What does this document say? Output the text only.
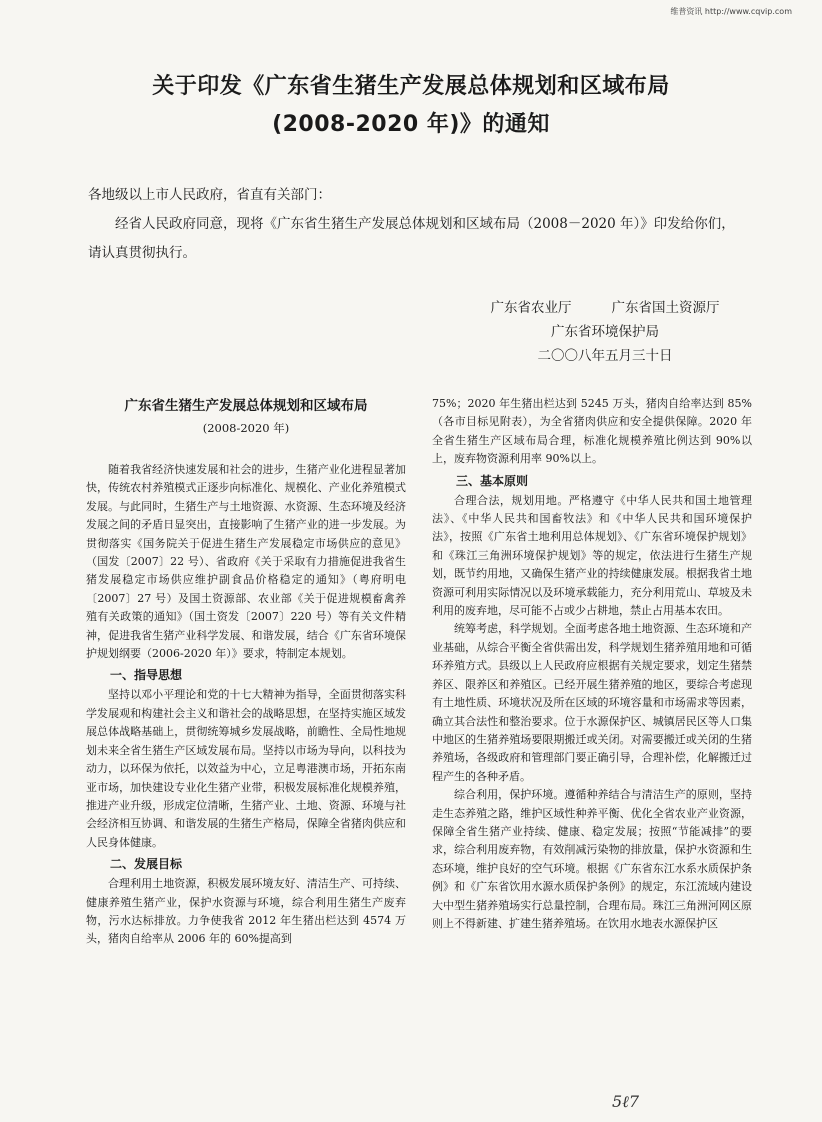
维普资讯 http://www.cqvip.com
关于印发《广东省生猪生产发展总体规划和区域布局
(2008-2020 年)》的通知

各地级以上市人民政府，省直有关部门：

经省人民政府同意，现将《广东省生猪生产发展总体规划和区域布局（2008－2020 年）》印发给你们，请认真贯彻执行。

广东省农业厅	广东省国土资源厅
广东省环境保护局
二〇〇八年五月三十日
广东省生猪生产发展总体规划和区域布局
(2008-2020 年)

随着我省经济快速发展和社会的进步，生猪产业化进程显著加快，传统农村养殖模式正逐步向标准化、规模化、产业化养殖模式发展。与此同时，生猪生产与土地资源、水资源、生态环境及经济发展之间的矛盾日显突出，直接影响了生猪产业的进一步发展。为贯彻落实《国务院关于促进生猪生产发展稳定市场供应的意见》（国发〔2007〕22 号）、省政府《关于采取有力措施促进我省生猪发展稳定市场供应维护副食品价格稳定的通知》（粤府明电〔2007〕27 号）及国土资源部、农业部《关于促进规模畜禽养殖有关政策的通知》（国土资发〔2007〕220 号）等有关文件精神，促进我省生猪产业科学发展、和谐发展，结合《广东省环境保护规划纲要（2006-2020 年）》要求，特制定本规划。

一、指导思想

坚持以邓小平理论和党的十七大精神为指导，全面贯彻落实科学发展观和构建社会主义和谐社会的战略思想，在坚持实施区域发展总体战略基础上，贯彻统筹城乡发展战略，前瞻性、全局性地规划未来全省生猪生产区域发展布局。坚持以市场为导向，以科技为动力，以环保为依托，以效益为中心，立足粤港澳市场，开拓东南亚市场，加快建设专业化生猪产业带，积极发展标准化规模养殖，推进产业升级，形成定位清晰，生猪产业、土地、资源、环境与社会经济相互协调、和谐发展的生猪生产格局，保障全省猪肉供应和人民身体健康。

二、发展目标

合理利用土地资源，积极发展环境友好、清洁生产、可持续、健康养殖生猪产业，保护水资源与环境，综合利用生猪生产废弃物，污水达标排放。力争使我省 2012 年生猪出栏达到 4574 万头，猪肉自给率从 2006 年的 60%提高到

75%；2020 年生猪出栏达到 5245 万头，猪肉自给率达到 85%（各市目标见附表），为全省猪肉供应和安全提供保障。2020 年全省生猪生产区域布局合理，标准化规模养殖比例达到 90%以上，废弃物资源利用率 90%以上。

三、基本原则

合理合法，规划用地。严格遵守《中华人民共和国土地管理法》、《中华人民共和国畜牧法》和《中华人民共和国环境保护法》，按照《广东省土地利用总体规划》、《广东省环境保护规划》和《珠江三角洲环境保护规划》等的规定，依法进行生猪生产规划，既节约用地，又确保生猪产业的持续健康发展。根据我省土地资源可利用实际情况以及环境承载能力，充分利用荒山、草坡及未利用的废弃地，尽可能不占或少占耕地，禁止占用基本农田。

统筹考虑，科学规划。全面考虑各地土地资源、生态环境和产业基础，从综合平衡全省供需出发，科学规划生猪养殖用地和可循环养殖方式。县级以上人民政府应根据有关规定要求，划定生猪禁养区、限养区和养殖区。已经开展生猪养殖的地区，要综合考虑现有土地性质、环境状况及所在区域的环境容量和市场需求等因素，确立其合法性和整治要求。位于水源保护区、城镇居民区等人口集中地区的生猪养殖场要限期搬迁或关闭。对需要搬迁或关闭的生猪养殖场，各级政府和管理部门要正确引导，合理补偿，化解搬迁过程产生的各种矛盾。

综合利用，保护环境。遵循种养结合与清洁生产的原则，坚持走生态养殖之路，维护区域性种养平衡、优化全省农业产业资源，保障全省生猪产业持续、健康、稳定发展；按照“节能减排”的要求，综合利用废弃物，有效削减污染物的排放量，保护水资源和生态环境，维护良好的空气环境。根据《广东省东江水系水质保护条例》和《广东省饮用水源水质保护条例》的规定，东江流域内建设大中型生猪养殖场实行总量控制，合理布局。珠江三角洲河网区原则上不得新建、扩建生猪养殖场。在饮用水地表水源保护区

5ℓ7
